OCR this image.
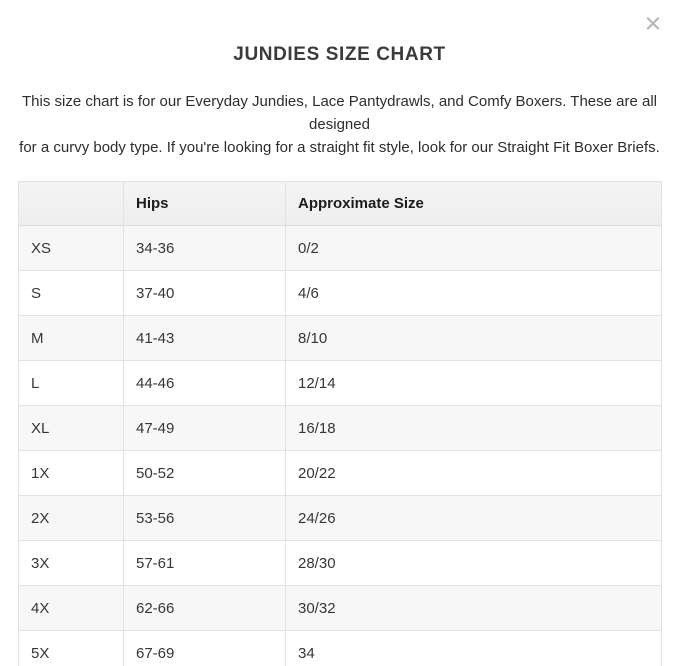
×
JUNDIES SIZE CHART

This size chart is for our Everyday Jundies, Lace Pantydrawls, and Comfy Boxers. These are all designed
for a curvy body type. If you're looking for a straight fit style, look for our Straight Fit Boxer Briefs.

	Hips	Approximate Size
XS	34-36	0/2
S	37-40	4/6
M	41-43	8/10
L	44-46	12/14
XL	47-49	16/18
1X	50-52	20/22
2X	53-56	24/26
3X	57-61	28/30
4X	62-66	30/32
5X	67-69	34
